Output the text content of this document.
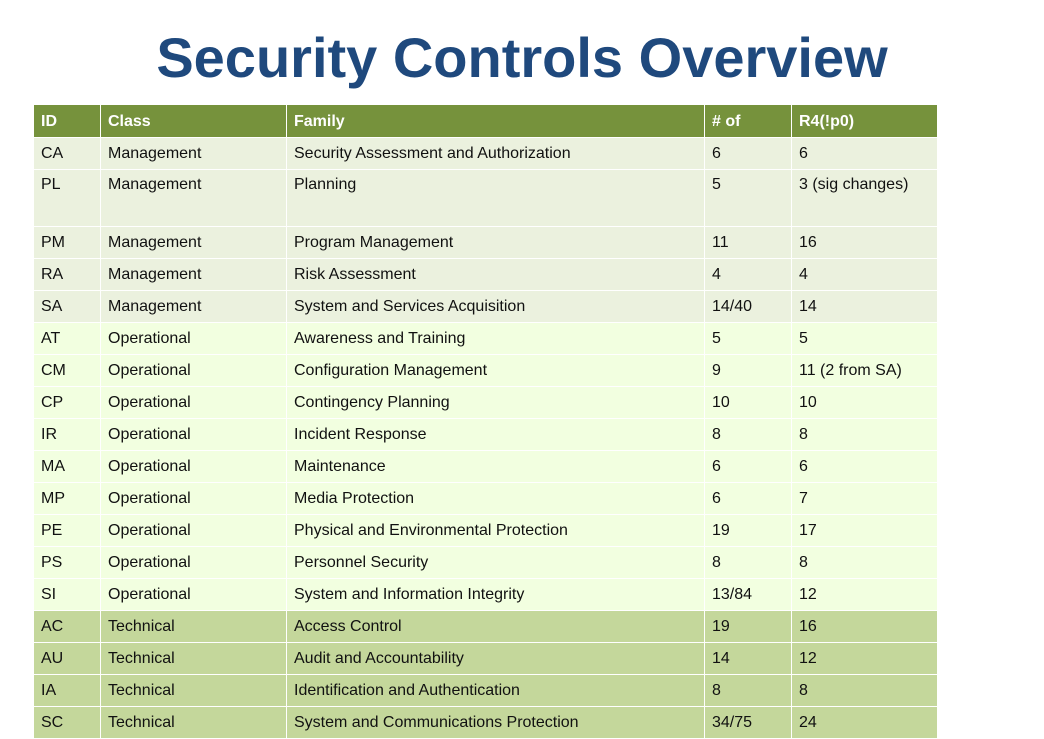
Security Controls Overview
ID	Class	Family	# of	R4(!p0)
CA	Management	Security Assessment and Authorization	6	6
PL	Management	Planning	5	3 (sig changes)
PM	Management	Program Management	11	16
RA	Management	Risk Assessment	4	4
SA	Management	System and Services Acquisition	14/40	14
AT	Operational	Awareness and Training	5	5
CM	Operational	Configuration Management	9	11 (2 from SA)
CP	Operational	Contingency Planning	10	10
IR	Operational	Incident Response	8	8
MA	Operational	Maintenance	6	6
MP	Operational	Media Protection	6	7
PE	Operational	Physical and Environmental Protection	19	17
PS	Operational	Personnel Security	8	8
SI	Operational	System and Information Integrity	13/84	12
AC	Technical	Access Control	19	16
AU	Technical	Audit and Accountability	14	12
IA	Technical	Identification and Authentication	8	8
SC	Technical	System and Communications Protection	34/75	24
